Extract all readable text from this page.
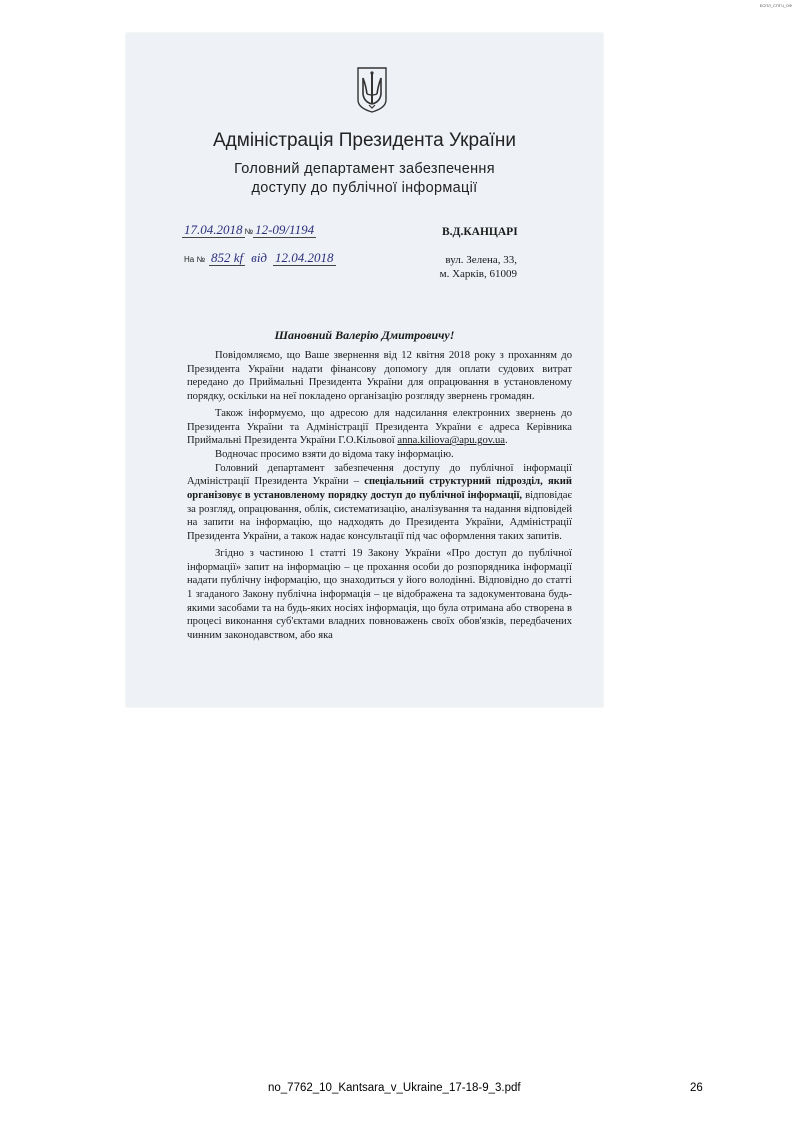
ЕСПЛ_СПГЧ_ОФ
Адміністрація Президента України
Головний департамент забезпечення
доступу до публічної інформації
17.04.2018 № 12-09/1194
На № 852 kf від 12.04.2018
В.Д.КАНЦАРІ
вул. Зелена, 33,
м. Харків, 61009
Шановний Валерію Дмитровичу!

Повідомляємо, що Ваше звернення від 12 квітня 2018 року з проханням до Президента України надати фінансову допомогу для оплати судових витрат передано до Приймальні Президента України для опрацювання в установленому порядку, оскільки на неї покладено організацію розгляду звернень громадян.

Також інформуємо, що адресою для надсилання електронних звернень до Президента України та Адміністрації Президента України є адреса Керівника Приймальні Президента України Г.О.Кільової anna.kiliova@apu.gov.ua.

Водночас просимо взяти до відома таку інформацію.

Головний департамент забезпечення доступу до публічної інформації Адміністрації Президента України – спеціальний структурний підрозділ, який організовує в установленому порядку доступ до публічної інформації, відповідає за розгляд, опрацювання, облік, систематизацію, аналізування та надання відповідей на запити на інформацію, що надходять до Президента України, Адміністрації Президента України, а також надає консультації під час оформлення таких запитів.

Згідно з частиною 1 статті 19 Закону України «Про доступ до публічної інформації» запит на інформацію – це прохання особи до розпорядника інформації надати публічну інформацію, що знаходиться у його володінні. Відповідно до статті 1 згаданого Закону публічна інформація – це відображена та задокументована будь-якими засобами та на будь-яких носіях інформація, що була отримана або створена в процесі виконання суб'єктами владних повноважень своїх обов'язків, передбачених чинним законодавством, або яка

no_7762_10_Kantsara_v_Ukraine_17-18-9_3.pdf	26
